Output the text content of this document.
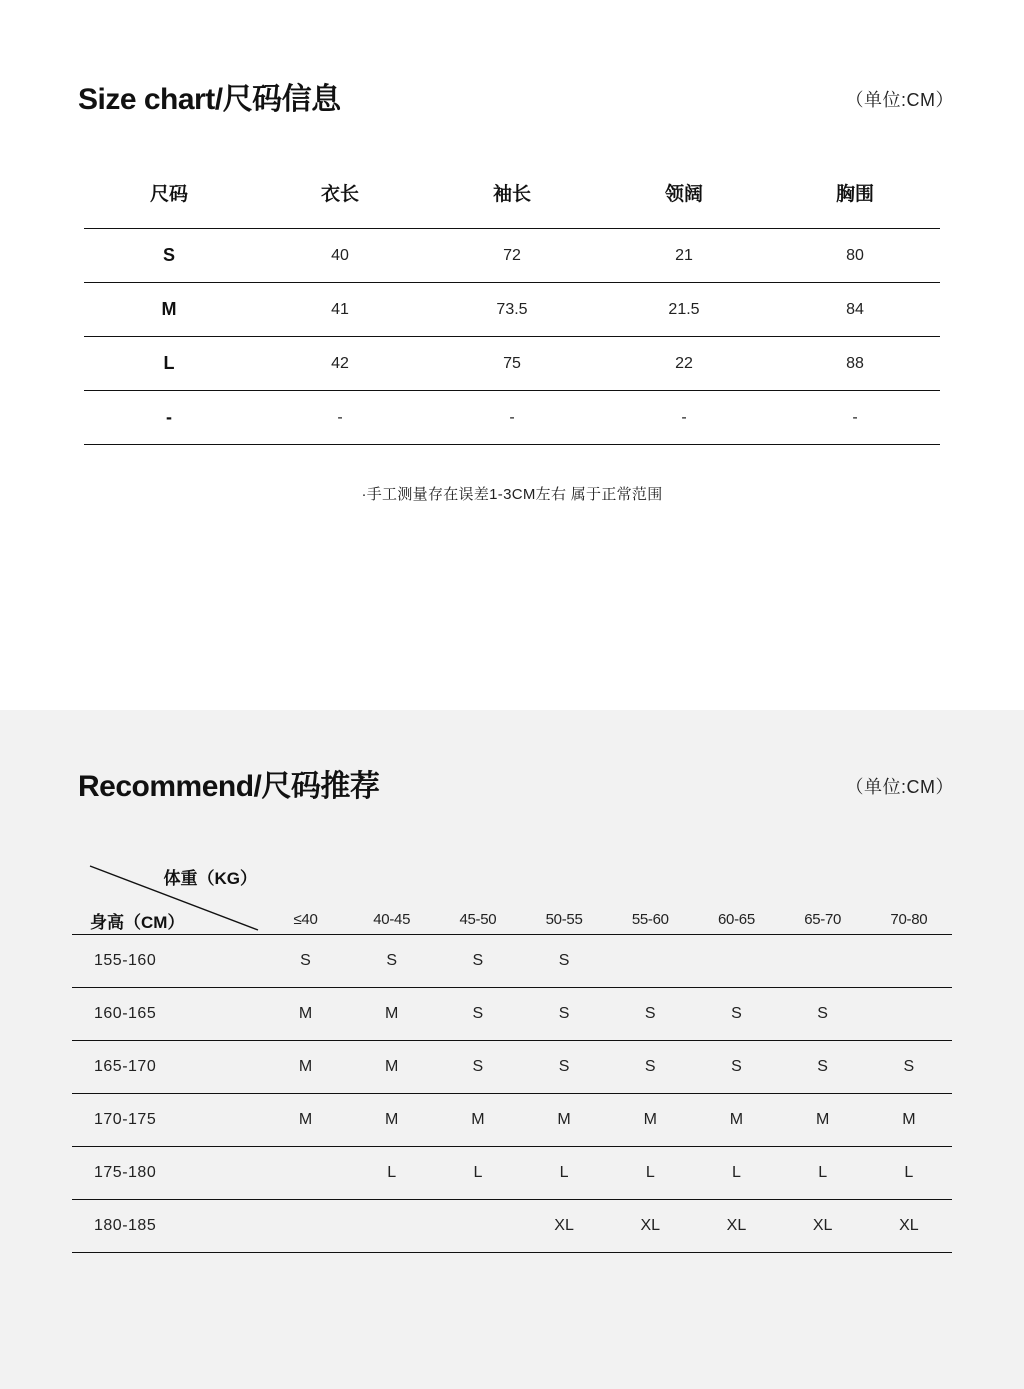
Size chart/尺码信息	（单位:CM）
尺码	衣长	袖长	领阔	胸围
S	40	72	21	80
M	41	73.5	21.5	84
L	42	75	22	88
-	-	-	-	-
·手工测量存在误差1-3CM左右 属于正常范围
Recommend/尺码推荐	（单位:CM）
体重（KG）
身高（CM）	≤40	40-45	45-50	50-55	55-60	60-65	65-70	70-80
155-160	S	S	S	S				
160-165	M	M	S	S	S	S	S	
165-170	M	M	S	S	S	S	S	S
170-175	M	M	M	M	M	M	M	M
175-180		L	L	L	L	L	L	L
180-185				XL	XL	XL	XL	XL
